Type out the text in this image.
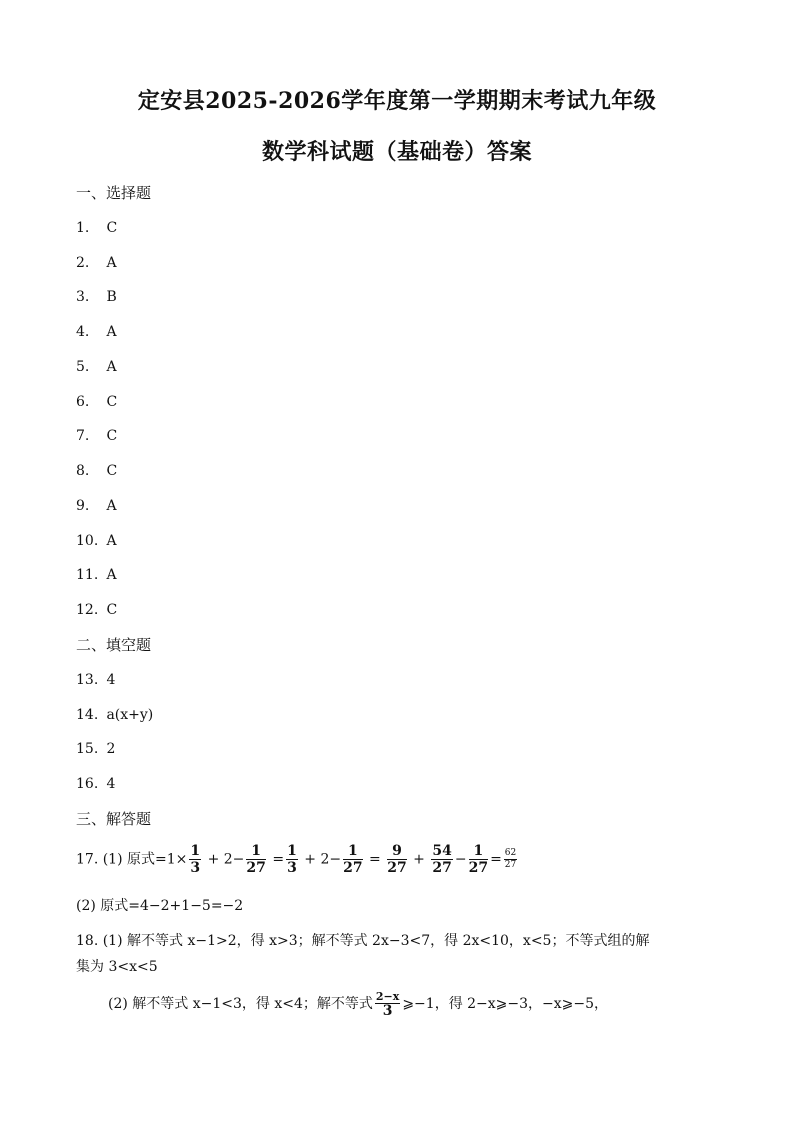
定安县2025-2026学年度第一学期期末考试九年级
数学科试题（基础卷）答案
一、选择题
1. C
2. A
3. B
4. A
5. A
6. C
7. C
8. C
9. A
10. A
11. A
12. C
二、填空题
13. 4
14. a(x+y)
15. 2
16. 4
三、解答题
17. (1) 原式$=1\times \frac{1}{3} + 2- \frac{1}{27} = \frac{1}{3} + 2- \frac{1}{27} = \frac{9}{27} + \frac{54}{27} - \frac{1}{27} = \frac{62}{27}$
(2) 原式=4−2+1−5=−2
18. (1) 解不等式 x−1>2，得 x>3；解不等式 2x−3<7，得 2x<10，x<5；不等式组的解
集为 3<x<5
(2) 解不等式 x−1<3，得 x<4；解不等式 $\frac{2-x}{3}$ ⩾−1，得 2−x⩾−3，−x⩾−5，
